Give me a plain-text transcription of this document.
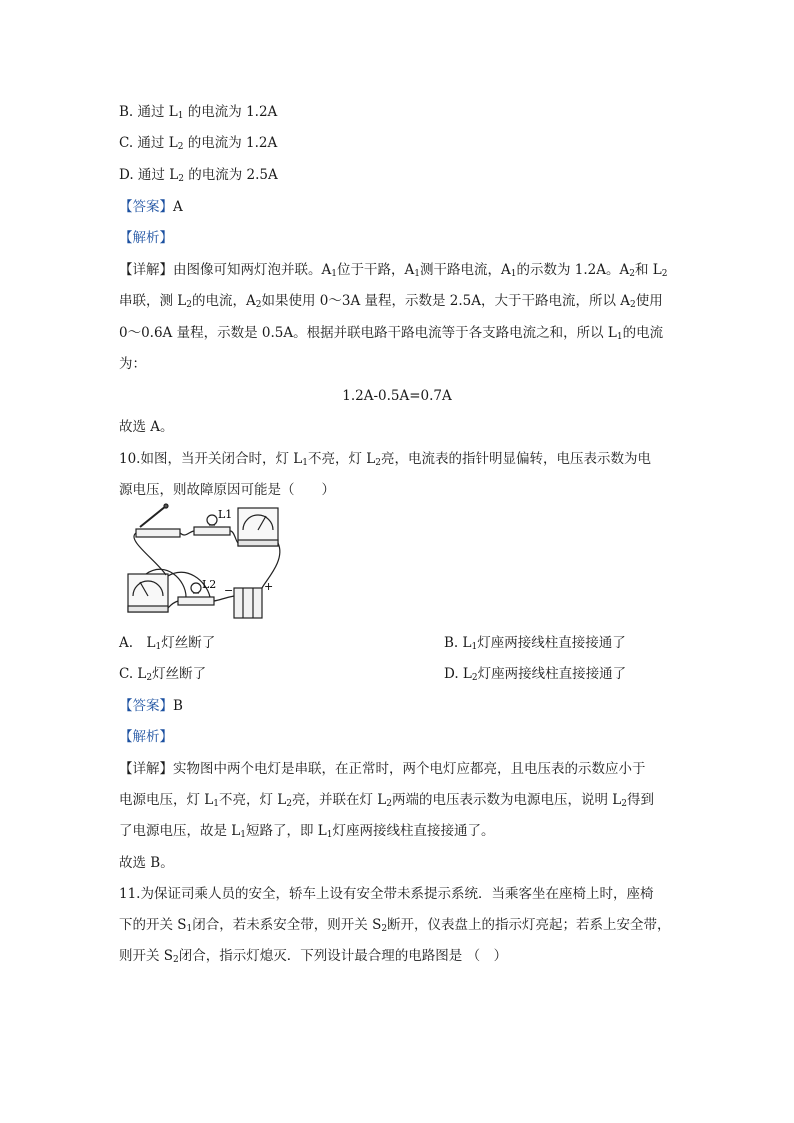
B. 通过 $L_1$ 的电流为 1.2A
C. 通过 $L_2$ 的电流为 1.2A
D. 通过 $L_2$ 的电流为 2.5A
【答案】A
【解析】
【详解】由图像可知两灯泡并联。$A_1$位于干路，$A_1$测干路电流，$A_1$的示数为 1.2A。$A_2$和 $L_2$
串联，测 $L_2$的电流，$A_2$如果使用 0～3A 量程，示数是 2.5A，大于干路电流，所以 $A_2$使用
0～0.6A 量程，示数是 0.5A。根据并联电路干路电流等于各支路电流之和，所以 $L_1$的电流
为：
1.2A-0.5A=0.7A
故选 A。
10.如图，当开关闭合时，灯 $L_1$不亮，灯 $L_2$亮，电流表的指针明显偏转，电压表示数为电
源电压，则故障原因可能是（　　）
L1
L2	+
−
A.　$L_1$灯丝断了	B. $L_1$灯座两接线柱直接接通了
C. $L_2$灯丝断了	D. $L_2$灯座两接线柱直接接通了
【答案】B
【解析】
【详解】实物图中两个电灯是串联，在正常时，两个电灯应都亮，且电压表的示数应小于
电源电压，灯 $L_1$不亮，灯 $L_2$亮，并联在灯 $L_2$两端的电压表示数为电源电压，说明 $L_2$得到
了电源电压，故是 $L_1$短路了，即 $L_1$灯座两接线柱直接接通了。
故选 B。
11.为保证司乘人员的安全，轿车上设有安全带未系提示系统．当乘客坐在座椅上时，座椅
下的开关 $S_1$闭合，若未系安全带，则开关 $S_2$断开，仪表盘上的指示灯亮起；若系上安全带，
则开关 $S_2$闭合，指示灯熄灭．下列设计最合理的电路图是 （　）
